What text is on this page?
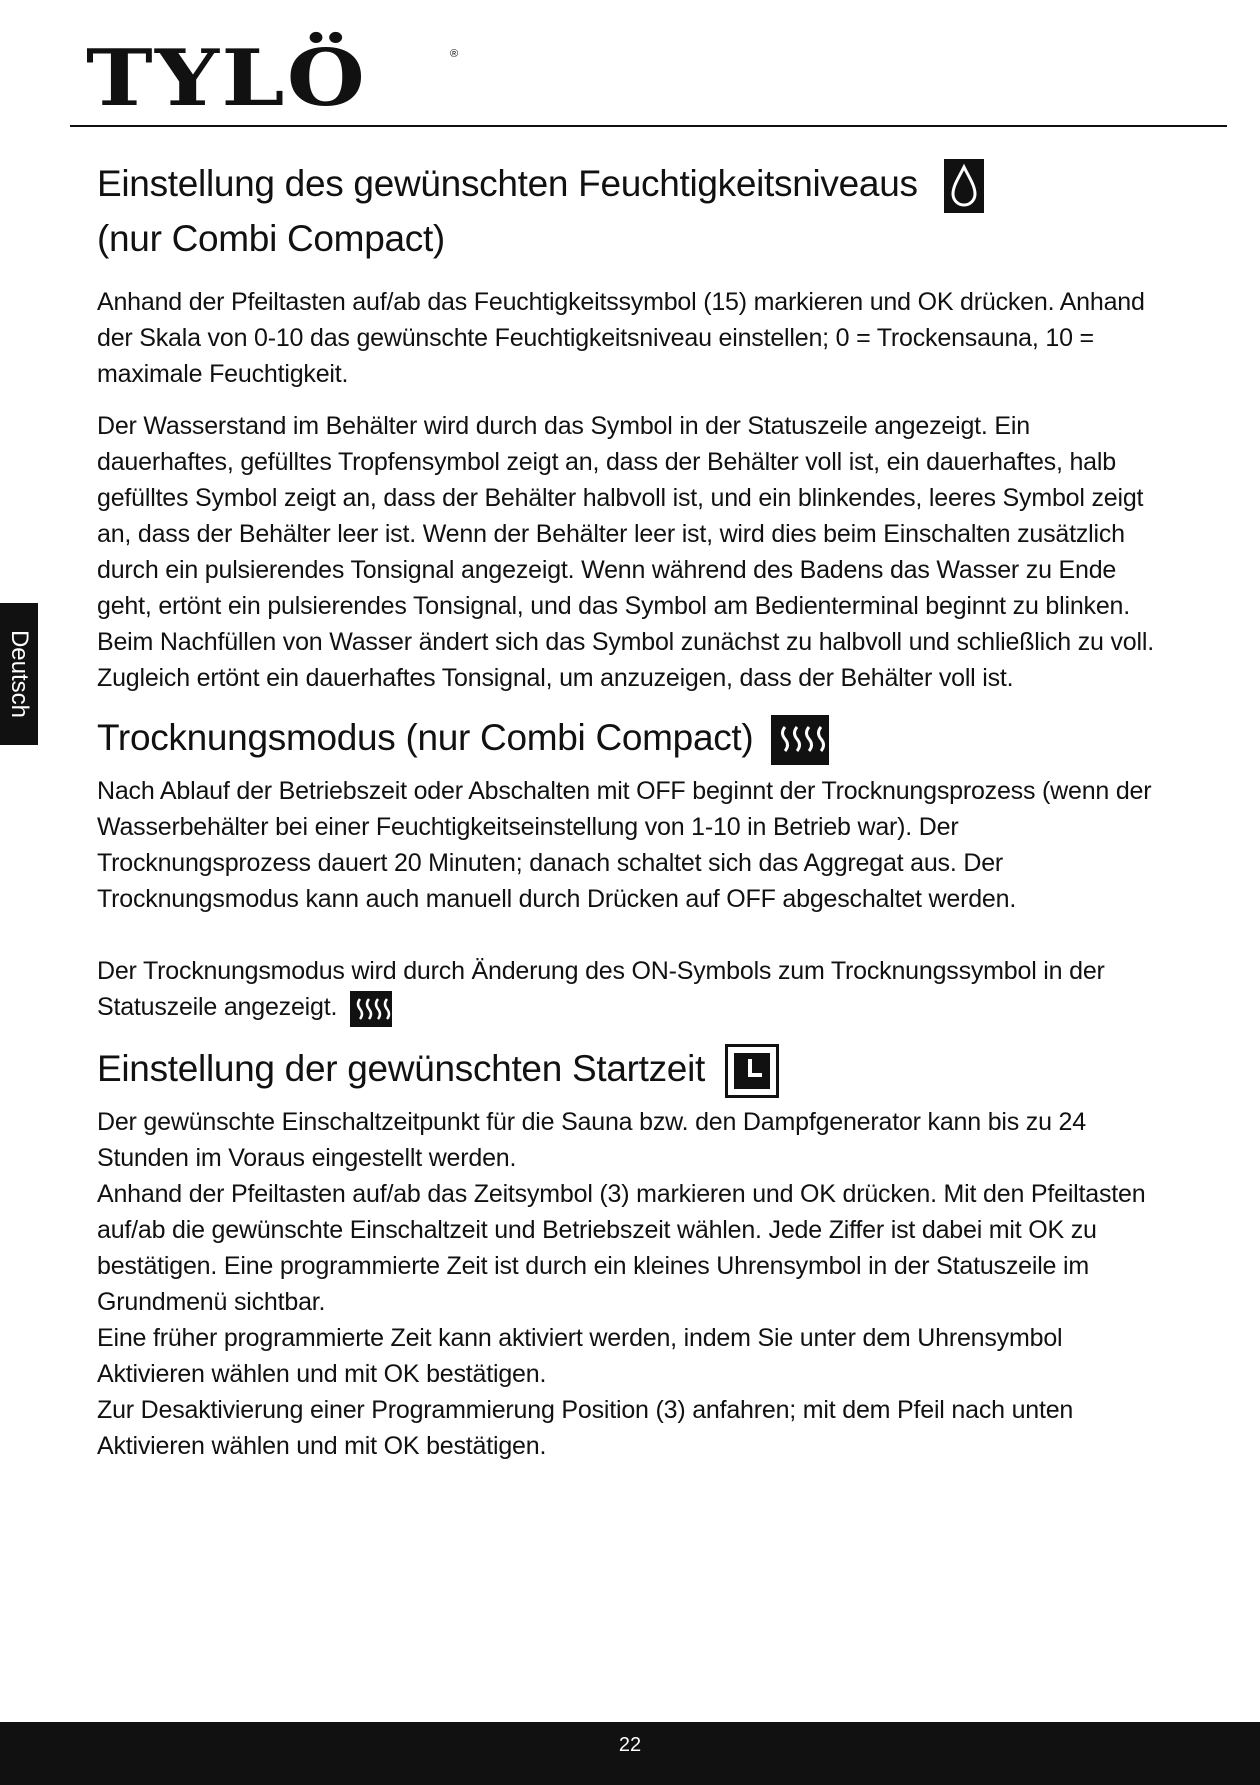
TYLÖ	®
Deutsch
Einstellung des gewünschten Feuchtigkeitsniveaus

(nur Combi Compact)

Anhand der Pfeiltasten auf/ab das Feuchtigkeitssymbol (15) markieren und OK drücken. Anhand der Skala von 0-10 das gewünschte Feuchtigkeitsniveau einstellen; 0 = Trockensauna, 10 = maximale Feuchtigkeit.

Der Wasserstand im Behälter wird durch das Symbol in der Statuszeile angezeigt. Ein dauerhaftes, gefülltes Tropfensymbol zeigt an, dass der Behälter voll ist, ein dauerhaftes, halb gefülltes Symbol zeigt an, dass der Behälter halbvoll ist, und ein blinkendes, leeres Symbol zeigt an, dass der Behälter leer ist. Wenn der Behälter leer ist, wird dies beim Einschalten zusätzlich durch ein pulsierendes Tonsignal angezeigt. Wenn während des Badens das Wasser zu Ende geht, ertönt ein pulsierendes Tonsignal, und das Symbol am Bedienterminal beginnt zu blinken. Beim Nachfüllen von Wasser ändert sich das Symbol zunächst zu halbvoll und schließlich zu voll. Zugleich ertönt ein dauerhaftes Tonsignal, um anzuzeigen, dass der Behälter voll ist.

Trocknungsmodus (nur Combi Compact)

Nach Ablauf der Betriebszeit oder Abschalten mit OFF beginnt der Trocknungsprozess (wenn der Wasserbehälter bei einer Feuchtigkeitseinstellung von 1-10 in Betrieb war). Der Trocknungsprozess dauert 20 Minuten; danach schaltet sich das Aggregat aus. Der Trocknungsmodus kann auch manuell durch Drücken auf OFF abgeschaltet werden.

Der Trocknungsmodus wird durch Änderung des ON-Symbols zum Trocknungssymbol in der Statuszeile angezeigt.

Einstellung der gewünschten Startzeit

Der gewünschte Einschaltzeitpunkt für die Sauna bzw. den Dampfgenerator kann bis zu 24 Stunden im Voraus eingestellt werden.

Anhand der Pfeiltasten auf/ab das Zeitsymbol (3) markieren und OK drücken. Mit den Pfeiltasten auf/ab die gewünschte Einschaltzeit und Betriebszeit wählen. Jede Ziffer ist dabei mit OK zu bestätigen. Eine programmierte Zeit ist durch ein kleines Uhrensymbol in der Statuszeile im Grundmenü sichtbar.

Eine früher programmierte Zeit kann aktiviert werden, indem Sie unter dem Uhrensymbol Aktivieren wählen und mit OK bestätigen.

Zur Desaktivierung einer Programmierung Position (3) anfahren; mit dem Pfeil nach unten Aktivieren wählen und mit OK bestätigen.

22
